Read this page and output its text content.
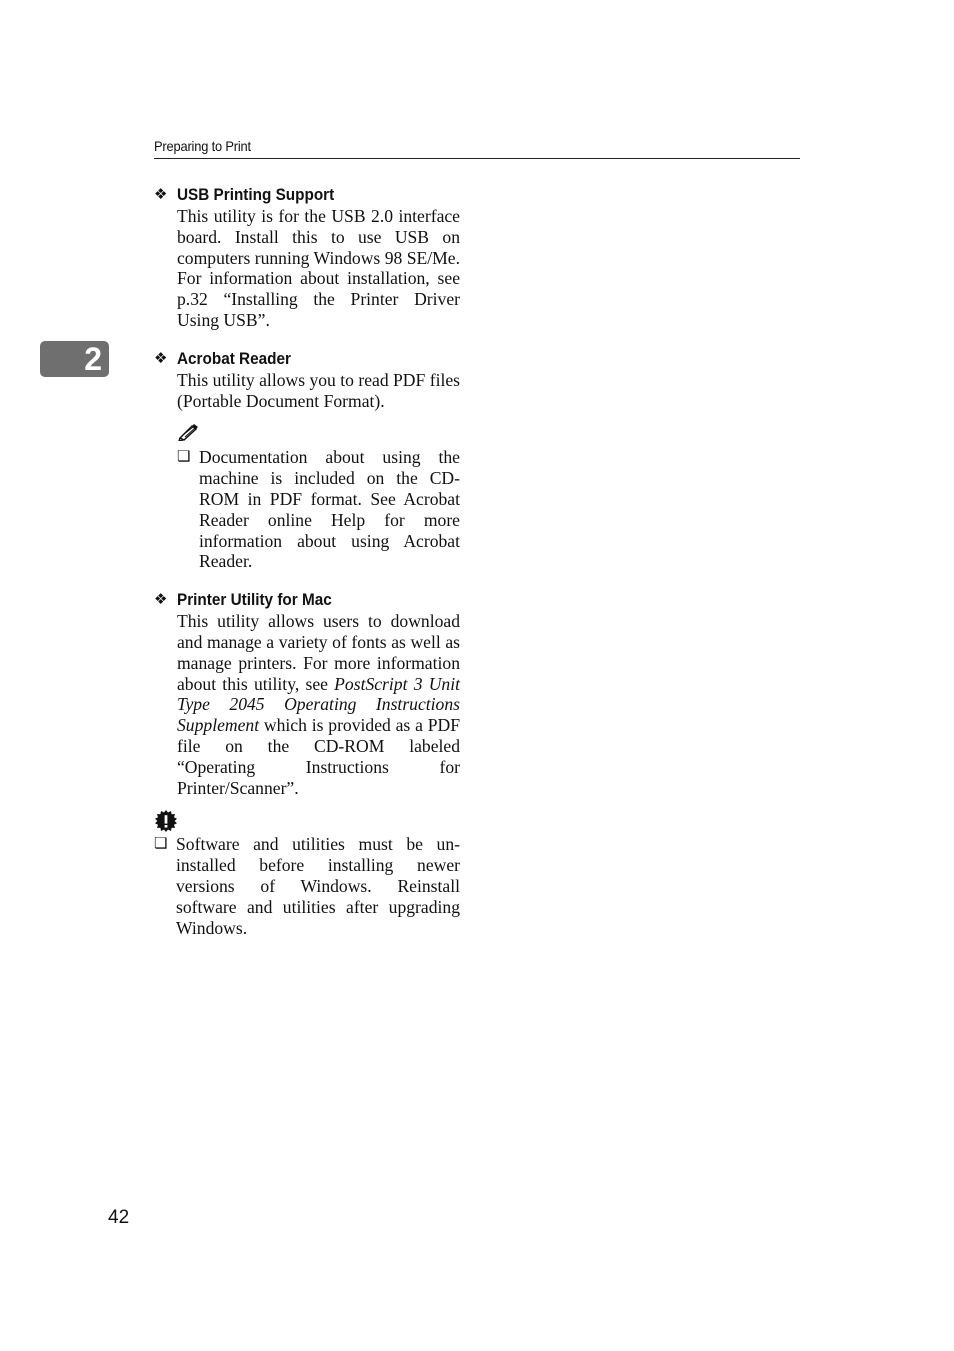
Preparing to Print
2
❖ USB Printing Support

This utility is for the USB 2.0 interface board. Install this to use USB on computers running Windows 98 SE/Me. For information about installation, see p.32 “Installing the Printer Driver Using USB”.

❖ Acrobat Reader

This utility allows you to read PDF files (Portable Document Format).

❏ Documentation about using the machine is included on the CD-ROM in PDF format. See Acrobat Reader online Help for more information about using Acrobat Reader.

❖ Printer Utility for Mac

This utility allows users to download and manage a variety of fonts as well as manage printers. For more information about this utility, see PostScript 3 Unit Type 2045 Operating Instructions Supplement which is provided as a PDF file on the CD-ROM labeled “Operating Instructions for Printer/Scanner”.

❏ Software and utilities must be uninstalled before installing newer versions of Windows. Reinstall software and utilities after upgrading Windows.

42
